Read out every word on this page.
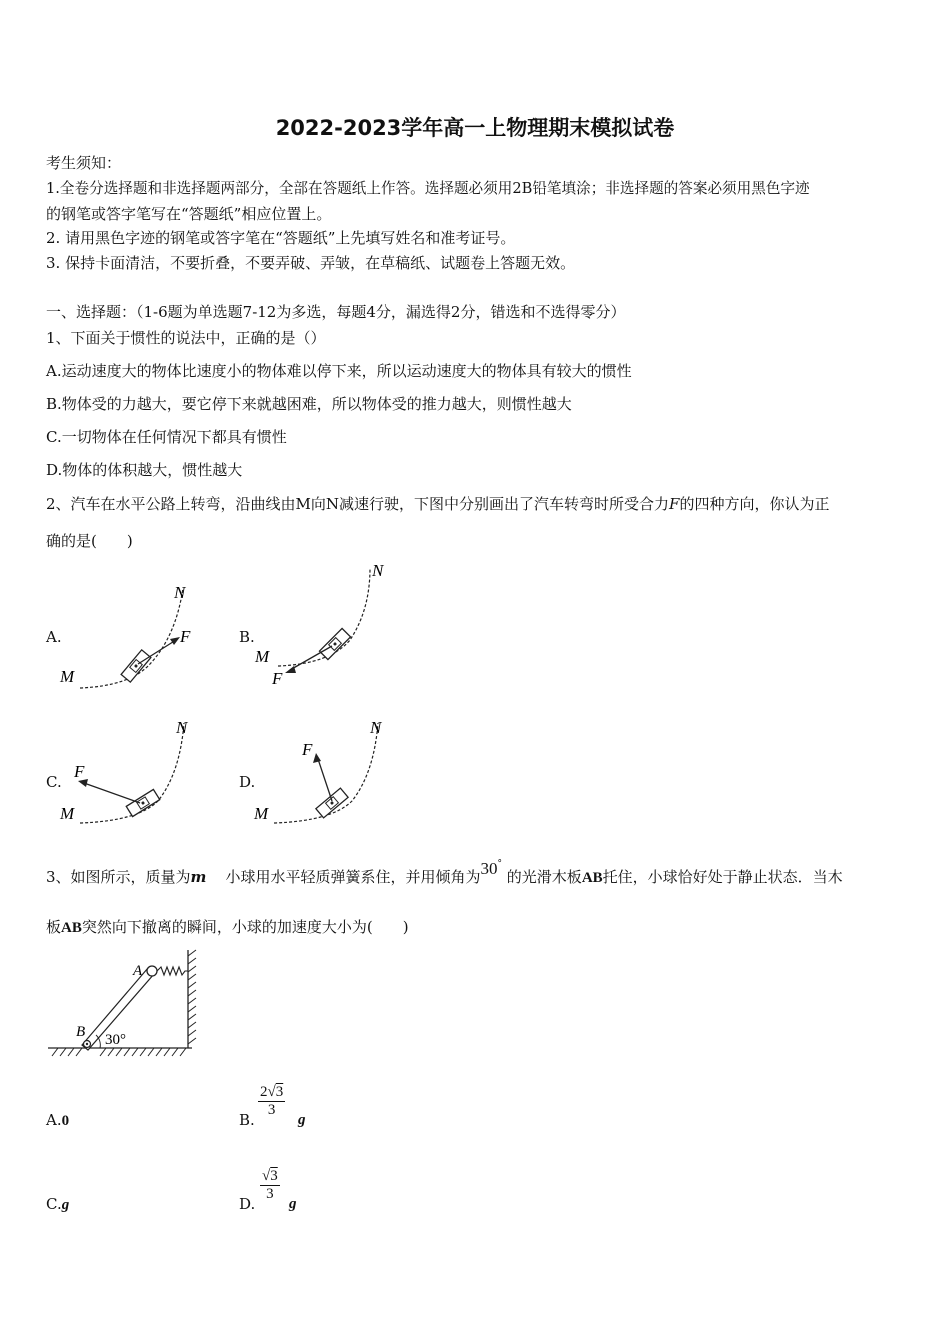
2022-2023学年高一上物理期末模拟试卷
考生须知：
1.全卷分选择题和非选择题两部分，全部在答题纸上作答。选择题必须用2B铅笔填涂；非选择题的答案必须用黑色字迹
的钢笔或答字笔写在“答题纸”相应位置上。
2. 请用黑色字迹的钢笔或答字笔在“答题纸”上先填写姓名和准考证号。
3. 保持卡面清洁，不要折叠，不要弄破、弄皱，在草稿纸、试题卷上答题无效。
一、选择题：（1-6题为单选题7-12为多选，每题4分，漏选得2分，错选和不选得零分）
1、下面关于惯性的说法中，正确的是（）
A.运动速度大的物体比速度小的物体难以停下来，所以运动速度大的物体具有较大的惯性
B.物体受的力越大，要它停下来就越困难，所以物体受的推力越大，则惯性越大
C.一切物体在任何情况下都具有惯性
D.物体的体积越大，惯性越大
2、汽车在水平公路上转弯，沿曲线由M向N减速行驶，下图中分别画出了汽车转弯时所受合力F的四种方向，你认为正
确的是(　　)
A.	B.
C.	D.
M
N
F
M
N
F
M
N
F
M
N
F
3、如图所示，质量为m 小球用水平轻质弹簧系住，并用倾角为30° 的光滑木板AB托住，小球恰好处于静止状态．当木
板AB突然向下撤离的瞬间，小球的加速度大小为(　　)
A
B 30°
A.0	B.
$\frac{2√3}{3}$
g
C.g	D.
$\frac{√3}{3}$
g
